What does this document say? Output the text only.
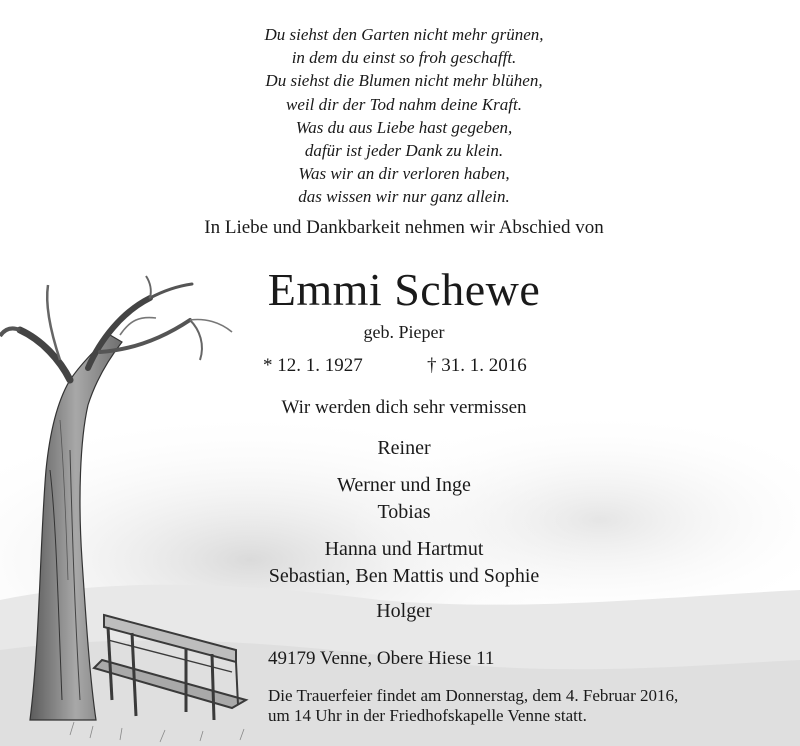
Du siehst den Garten nicht mehr grünen,
in dem du einst so froh geschafft.
Du siehst die Blumen nicht mehr blühen,
weil dir der Tod nahm deine Kraft.
Was du aus Liebe hast gegeben,
dafür ist jeder Dank zu klein.
Was wir an dir verloren haben,
das wissen wir nur ganz allein.
In Liebe und Dankbarkeit nehmen wir Abschied von
Emmi Schewe
geb. Pieper
* 12. 1. 1927	† 31. 1. 2016
Wir werden dich sehr vermissen
Reiner
Werner und Inge
Tobias
Hanna und Hartmut
Sebastian, Ben Mattis und Sophie
Holger
49179 Venne, Obere Hiese 11
Die Trauerfeier findet am Donnerstag, dem 4. Februar 2016,
um 14 Uhr in der Friedhofskapelle Venne statt.
